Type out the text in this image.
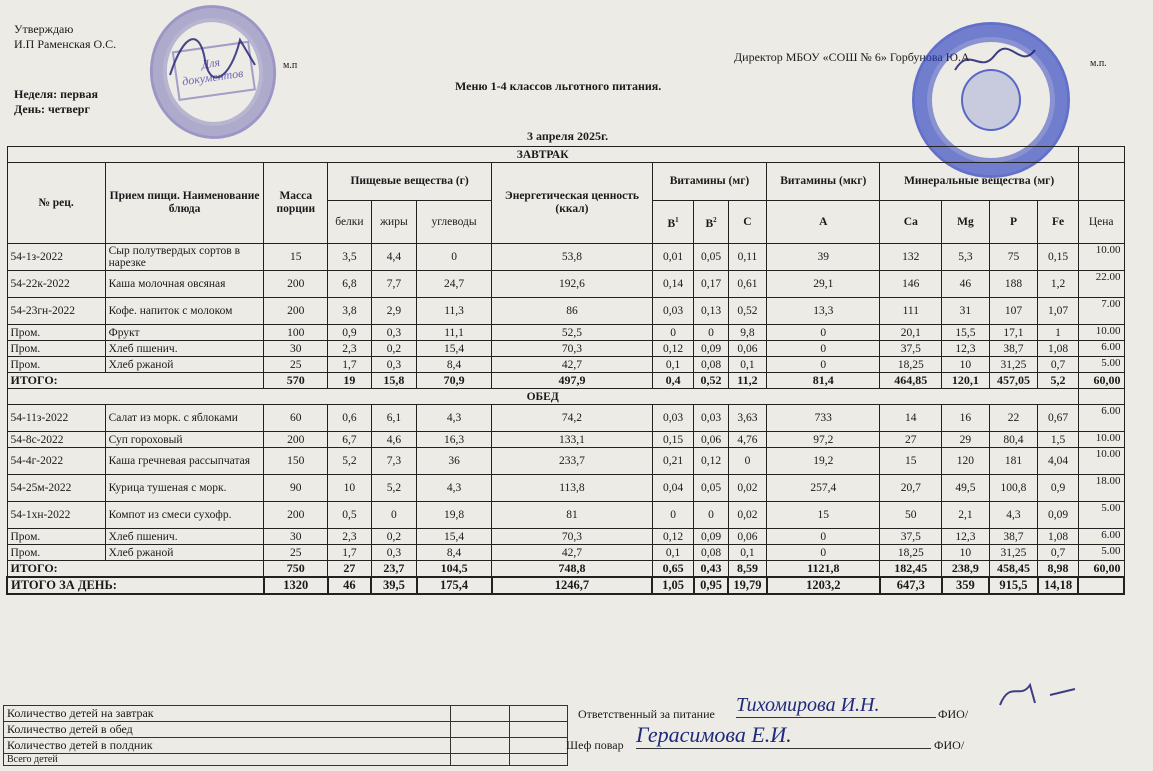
Утверждаю
И.П Раменская О.С.
м.п
Директор МБОУ «СОШ № 6» Горбунова Ю.А	м.п.
Неделя: первая
День: четверг
Меню 1-4 классов льготного питания.
3 апреля 2025г.
Для документов
ЗАВТРАК															
№ рец.	Прием пищи. Наименование блюда	Масса порции	Пищевые вещества (г)			Энергетическая ценность (ккал)	Витамины (мг)			Витамины (мкг)	Минеральные вещества (мг)				
			белки	жиры	углеводы		$В^1$	$В^2$	С	А	Са	Mg	P	Fe	Цена
54-1з-2022	Сыр полутвердых сортов в нарезке	15	3,5	4,4	0	53,8	0,01	0,05	0,11	39	132	5,3	75	0,15	10.00
54-22к-2022	Каша молочная овсяная	200	6,8	7,7	24,7	192,6	0,14	0,17	0,61	29,1	146	46	188	1,2	22.00
54-23гн-2022	Кофе. напиток с молоком	200	3,8	2,9	11,3	86	0,03	0,13	0,52	13,3	111	31	107	1,07	7.00
Пром.	Фрукт	100	0,9	0,3	11,1	52,5	0	0	9,8	0	20,1	15,5	17,1	1	10.00
Пром.	Хлеб пшенич.	30	2,3	0,2	15,4	70,3	0,12	0,09	0,06	0	37,5	12,3	38,7	1,08	6.00
Пром.	Хлеб ржаной	25	1,7	0,3	8,4	42,7	0,1	0,08	0,1	0	18,25	10	31,25	0,7	5.00
ИТОГО:		570	19	15,8	70,9	497,9	0,4	0,52	11,2	81,4	464,85	120,1	457,05	5,2	60,00
ОБЕД															
54-11з-2022	Салат из морк. с яблоками	60	0,6	6,1	4,3	74,2	0,03	0,03	3,63	733	14	16	22	0,67	6.00
54-8с-2022	Суп гороховый	200	6,7	4,6	16,3	133,1	0,15	0,06	4,76	97,2	27	29	80,4	1,5	10.00
54-4г-2022	Каша гречневая рассыпчатая	150	5,2	7,3	36	233,7	0,21	0,12	0	19,2	15	120	181	4,04	10.00
54-25м-2022	Курица тушеная с морк.	90	10	5,2	4,3	113,8	0,04	0,05	0,02	257,4	20,7	49,5	100,8	0,9	18.00
54-1хн-2022	Компот из смеси сухофр.	200	0,5	0	19,8	81	0	0	0,02	15	50	2,1	4,3	0,09	5.00
Пром.	Хлеб пшенич.	30	2,3	0,2	15,4	70,3	0,12	0,09	0,06	0	37,5	12,3	38,7	1,08	6.00
Пром.	Хлеб ржаной	25	1,7	0,3	8,4	42,7	0,1	0,08	0,1	0	18,25	10	31,25	0,7	5.00
ИТОГО:		750	27	23,7	104,5	748,8	0,65	0,43	8,59	1121,8	182,45	238,9	458,45	8,98	60,00
ИТОГО ЗА ДЕНЬ:		1320	46	39,5	175,4	1246,7	1,05	0,95	19,79	1203,2	647,3	359	915,5	14,18	
Количество детей на завтрак		
Количество детей в обед		
Количество детей в полдник		
Всего детей		
Ответственный за питание Тихомирова И.Н.	ФИО/
Шеф повар Герасимова Е.И.	ФИО/
